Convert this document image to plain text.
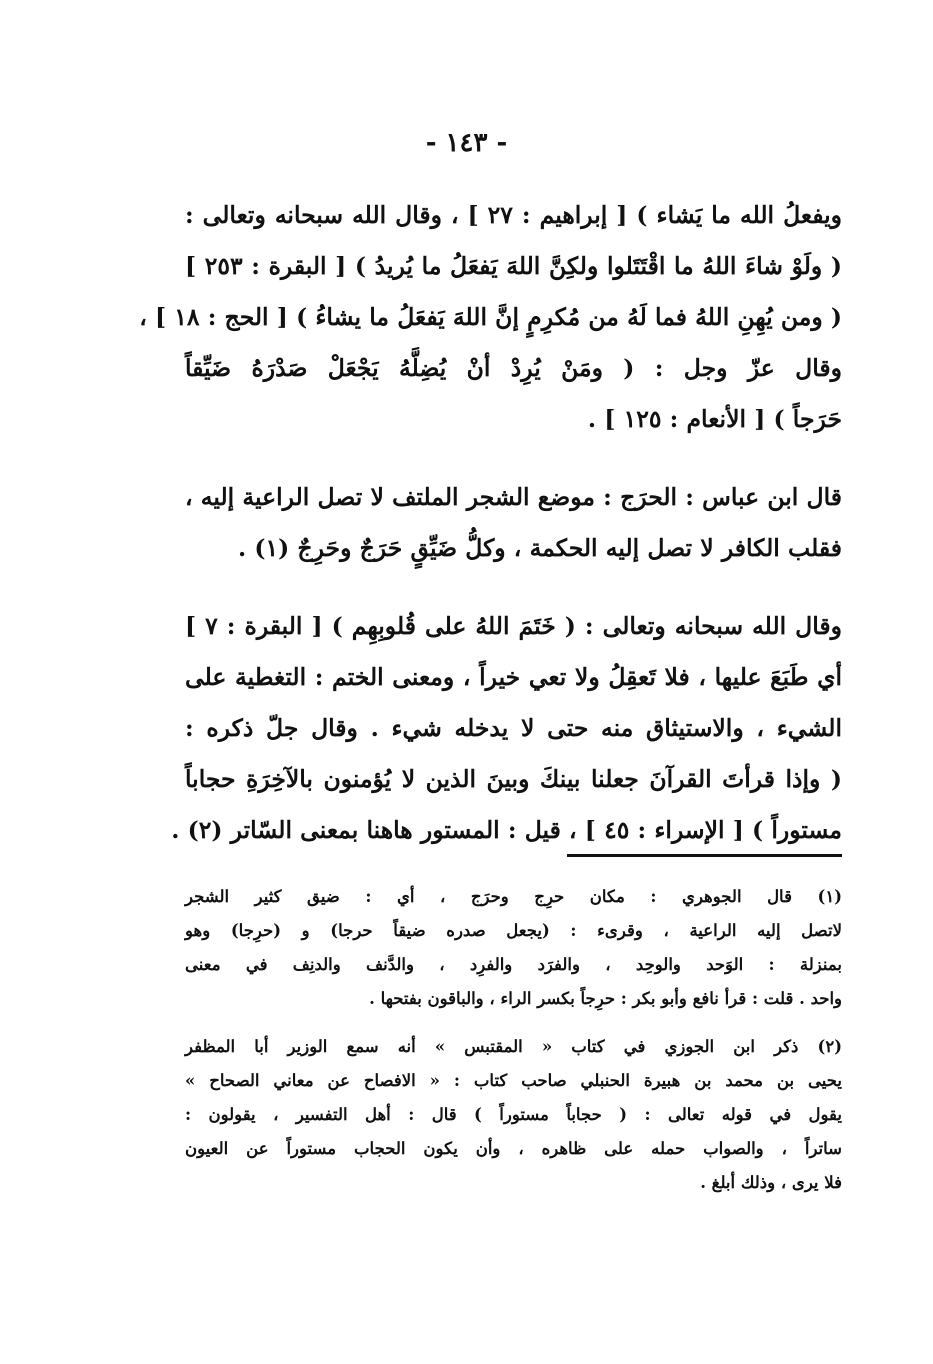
- ١٤٣ -
ويفعلُ الله ما يَشاء ) [ إبراهيم : ٢٧ ] ، وقال الله سبحانه وتعالى :
( ولَوْ شاءَ اللهُ ما اقْتَتَلوا ولكِنَّ اللهَ يَفعَلُ ما يُريدُ ) [ البقرة : ٢٥٣ ]
( ومن يُهِنِ اللهُ فما لَهُ من مُكرِمٍ إنَّ اللهَ يَفعَلُ ما يشاءُ ) [ الحج : ١٨ ] ،
وقال عزّ وجل : ( ومَنْ يُرِدْ أنْ يُضِلَّهُ يَجْعَلْ صَدْرَهُ ضَيِّقاً
حَرَجاً ) [ الأنعام : ١٢٥ ] .
قال ابن عباس : الحرَج : موضع الشجر الملتف لا تصل الراعية إليه ،
فقلب الكافر لا تصل إليه الحكمة ، وكلُّ ضَيِّقٍ حَرَجٌ وحَرِجٌ (١) .
وقال الله سبحانه وتعالى : ( خَتَمَ اللهُ على قُلوبِهِم ) [ البقرة : ٧ ]
أي طَبَعَ عليها ، فلا تَعقِلُ ولا تعي خيراً ، ومعنى الختم : التغطية على
الشيء ، والاستيثاق منه حتى لا يدخله شيء . وقال جلّ ذكره :
( وإذا قرأتَ القرآنَ جعلنا بينكَ وبينَ الذين لا يُؤمنون بالآخِرَةِ حجاباً
مستوراً ) [ الإسراء : ٤٥ ] ، قيل : المستور هاهنا بمعنى السّاتر (٢) .
(١) قال الجوهري : مكان حرِج وحرَج ، أي : ضيق كثير الشجر
لاتصل إليه الراعية ، وقرىء : (يجعل صدره ضيقاً حرجا) و (حرِجا) وهو
بمنزلة : الوَحد والوحِد ، والفرَد والفرِد ، والدَّنف والدنِف في معنى
واحد . قلت : قرأ نافع وأبو بكر : حرِجاً بكسر الراء ، والباقون بفتحها .
(٢) ذكر ابن الجوزي في كتاب « المقتبس » أنه سمع الوزير أبا المظفر
يحيى بن محمد بن هبيرة الحنبلي صاحب كتاب : « الافصاح عن معاني الصحاح »
يقول في قوله تعالى : ( حجاباً مستوراً ) قال : أهل التفسير ، يقولون :
ساتراً ، والصواب حمله على ظاهره ، وأن يكون الحجاب مستوراً عن العيون
فلا يرى ، وذلك أبلغ .
